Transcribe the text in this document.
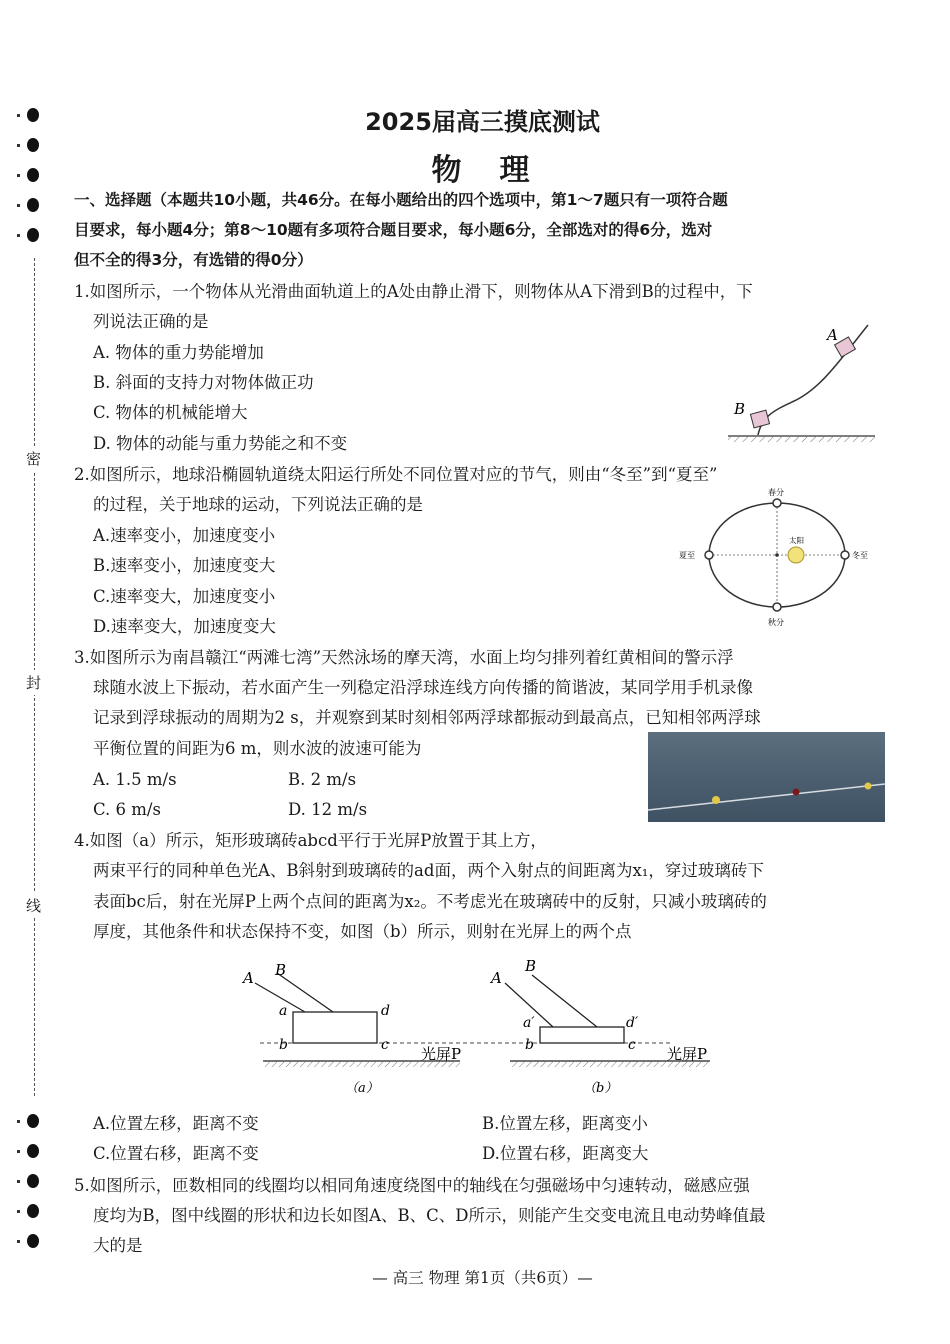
密
封
线
2025届高三摸底测试
物　理
一、选择题（本题共10小题，共46分。在每小题给出的四个选项中，第1～7题只有一项符合题
目要求，每小题4分；第8～10题有多项符合题目要求，每小题6分，全部选对的得6分，选对
但不全的得3分，有选错的得0分）
1.如图所示，一个物体从光滑曲面轨道上的A处由静止滑下，则物体从A下滑到B的过程中，下
列说法正确的是
A. 物体的重力势能增加
B. 斜面的支持力对物体做正功
C. 物体的机械能增大
D. 物体的动能与重力势能之和不变
A
B
2.如图所示，地球沿椭圆轨道绕太阳运行所处不同位置对应的节气，则由“冬至”到“夏至”
的过程，关于地球的运动，下列说法正确的是
A.速率变小，加速度变小
B.速率变小，加速度变大
C.速率变大，加速度变小
D.速率变大，加速度变大
太阳
春分
秋分
夏至	冬至
3.如图所示为南昌赣江“两滩七湾”天然泳场的摩天湾，水面上均匀排列着红黄相间的警示浮
球随水波上下振动，若水面产生一列稳定沿浮球连线方向传播的简谐波，某同学用手机录像
记录到浮球振动的周期为2 s，并观察到某时刻相邻两浮球都振动到最高点，已知相邻两浮球
平衡位置的间距为6 m，则水波的波速可能为
A. 1.5 m/s	B. 2 m/s
C. 6 m/s	D. 12 m/s
4.如图（a）所示，矩形玻璃砖abcd平行于光屏P放置于其上方，
两束平行的同种单色光A、B斜射到玻璃砖的ad面，两个入射点的间距离为x₁，穿过玻璃砖下
表面bc后，射在光屏P上两个点间的距离为x₂。不考虑光在玻璃砖中的反射，只减小玻璃砖的
厚度，其他条件和状态保持不变，如图（b）所示，则射在光屏上的两个点
A B
a
b
d
c 光屏P
（a）
A
B
a′
b
d′
c 光屏P
（b）
A.位置左移，距离不变	B.位置左移，距离变小
C.位置右移，距离不变	D.位置右移，距离变大
5.如图所示，匝数相同的线圈均以相同角速度绕图中的轴线在匀强磁场中匀速转动，磁感应强
度均为B，图中线圈的形状和边长如图A、B、C、D所示，则能产生交变电流且电动势峰值最
大的是
— 高三 物理 第1页（共6页）—
